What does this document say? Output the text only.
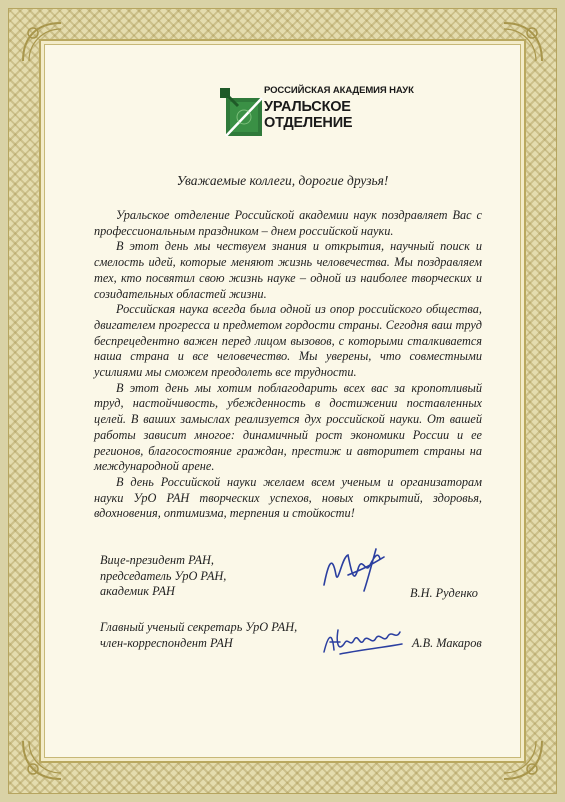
РОССИЙСКАЯ АКАДЕМИЯ НАУК
УРАЛЬСКОЕ
ОТДЕЛЕНИЕ
Уважаемые коллеги, дорогие друзья!

Уральское отделение Российской академии наук поздравляет Вас с профессиональным праздником – днем российской науки.

В этот день мы чествуем знания и открытия, научный поиск и смелость идей, которые меняют жизнь человечества. Мы поздравляем тех, кто посвятил свою жизнь науке – одной из наиболее творческих и созидательных областей жизни.

Российская наука всегда была одной из опор российского общества, двигателем прогресса и предметом гордости страны. Сегодня ваш труд беспрецедентно важен перед лицом вызовов, с которыми сталкивается наша страна и все человечество. Мы уверены, что совместными усилиями мы сможем преодолеть все трудности.

В этот день мы хотим поблагодарить всех вас за кропотливый труд, настойчивость, убежденность в достижении поставленных целей. В ваших замыслах реализуется дух российской науки. От вашей работы зависит многое: динамичный рост экономики России и ее регионов, благосостояние граждан, престиж и авторитет страны на международной арене.

В день Российской науки желаем всем ученым и организаторам науки УрО РАН творческих успехов, новых открытий, здоровья, вдохновения, оптимизма, терпения и стойкости!

Вице-президент РАН,
председатель УрО РАН,
академик РАН	В.Н. Руденко
Главный ученый секретарь УрО РАН,
член-корреспондент РАН	А.В. Макаров
